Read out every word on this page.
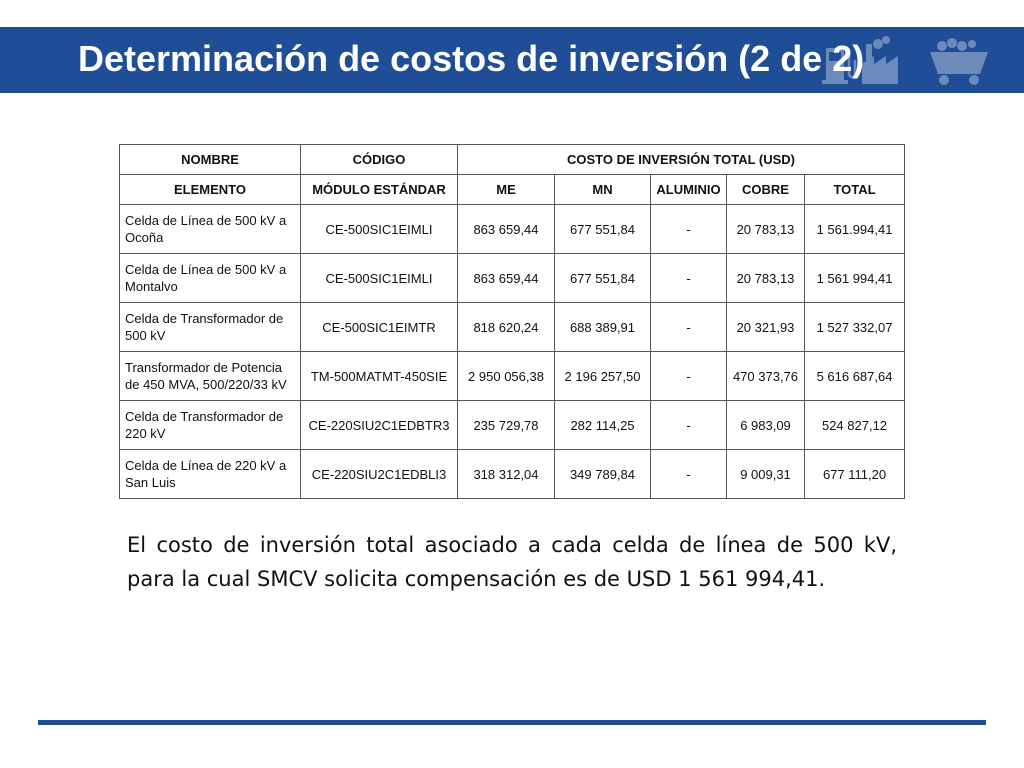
Determinación de costos de inversión (2 de 2)
NOMBRE	CÓDIGO	COSTO DE INVERSIÓN TOTAL (USD)				
ELEMENTO	MÓDULO ESTÁNDAR	ME	MN	ALUMINIO	COBRE	TOTAL
Celda de Línea de 500 kV a Ocoña	CE-500SIC1EIMLI	863 659,44	677 551,84	-	20 783,13	1 561.994,41
Celda de Línea de 500 kV a Montalvo	CE-500SIC1EIMLI	863 659,44	677 551,84	-	20 783,13	1 561 994,41
Celda de Transformador de 500 kV	CE-500SIC1EIMTR	818 620,24	688 389,91	-	20 321,93	1 527 332,07
Transformador de Potencia de 450 MVA, 500/220/33 kV	TM-500MATMT-450SIE	2 950 056,38	2 196 257,50	-	470 373,76	5 616 687,64
Celda de Transformador de 220 kV	CE-220SIU2C1EDBTR3	235 729,78	282 114,25	-	6 983,09	524 827,12
Celda de Línea de 220 kV a San Luis	CE-220SIU2C1EDBLI3	318 312,04	349 789,84	-	9 009,31	677 111,20
El costo de inversión total asociado a cada celda de línea de 500 kV, para la cual SMCV solicita compensación es de USD 1 561 994,41.
